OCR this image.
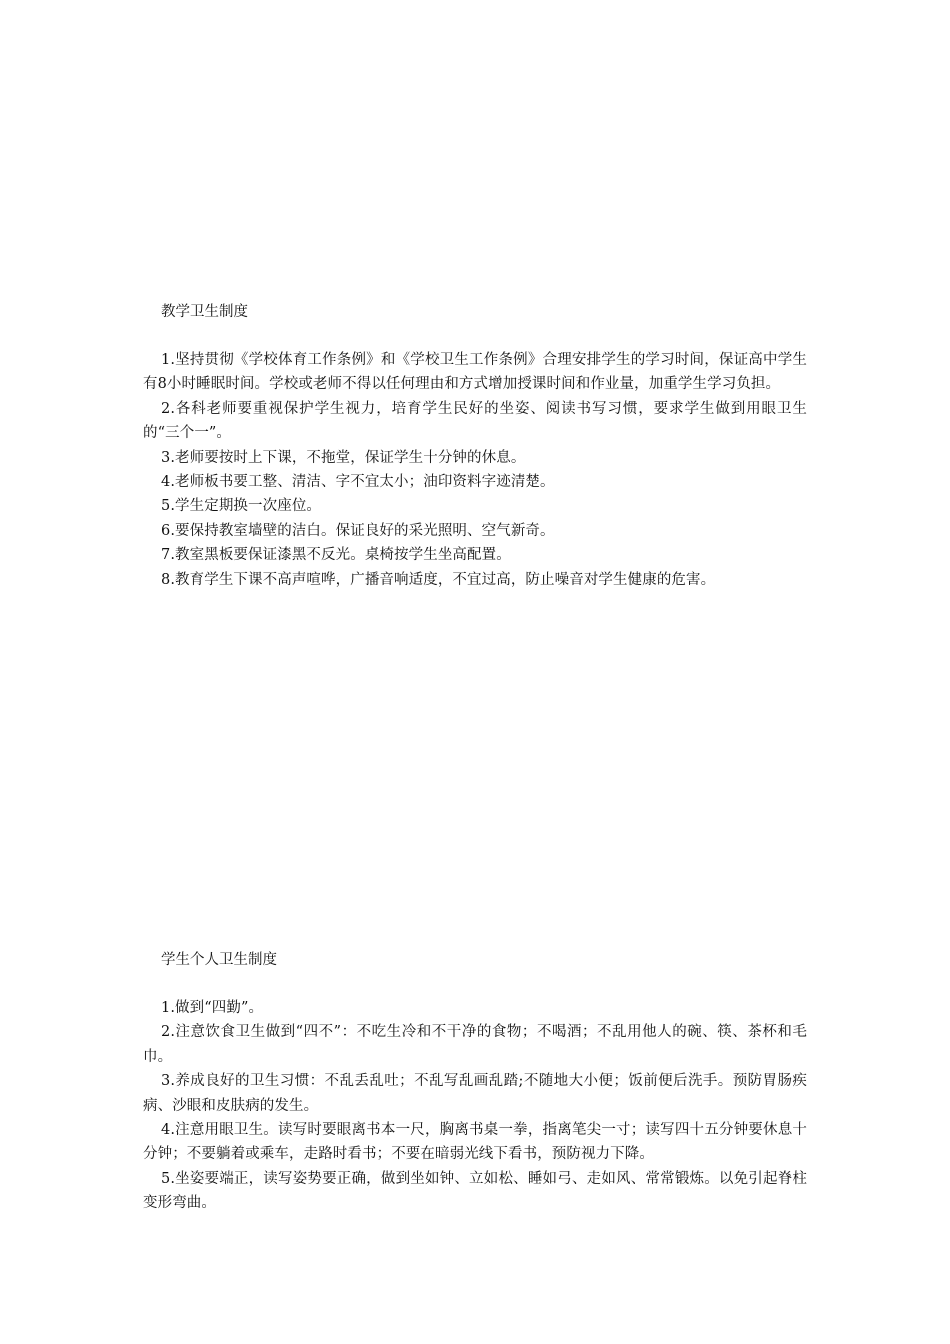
教学卫生制度

1.坚持贯彻《学校体育工作条例》和《学校卫生工作条例》合理安排学生的学习时间，保证高中学生有8小时睡眠时间。学校或老师不得以任何理由和方式增加授课时间和作业量，加重学生学习负担。

2.各科老师要重视保护学生视力，培育学生民好的坐姿、阅读书写习惯，要求学生做到用眼卫生的“三个一”。

3.老师要按时上下课，不拖堂，保证学生十分钟的休息。

4.老师板书要工整、清洁、字不宜太小；油印资料字迹清楚。

5.学生定期换一次座位。

6.要保持教室墙壁的洁白。保证良好的采光照明、空气新奇。

7.教室黑板要保证漆黑不反光。桌椅按学生坐高配置。

8.教育学生下课不高声喧哗，广播音响适度，不宜过高，防止噪音对学生健康的危害。

学生个人卫生制度

1.做到“四勤”。

2.注意饮食卫生做到“四不”：不吃生冷和不干净的食物；不喝酒；不乱用他人的碗、筷、茶杯和毛巾。

3.养成良好的卫生习惯：不乱丢乱吐；不乱写乱画乱踏;不随地大小便；饭前便后洗手。预防胃肠疾病、沙眼和皮肤病的发生。

4.注意用眼卫生。读写时要眼离书本一尺，胸离书桌一拳，指离笔尖一寸；读写四十五分钟要休息十分钟；不要躺着或乘车，走路时看书；不要在暗弱光线下看书，预防视力下降。

5.坐姿要端正，读写姿势要正确，做到坐如钟、立如松、睡如弓、走如风、常常锻炼。以免引起脊柱变形弯曲。
